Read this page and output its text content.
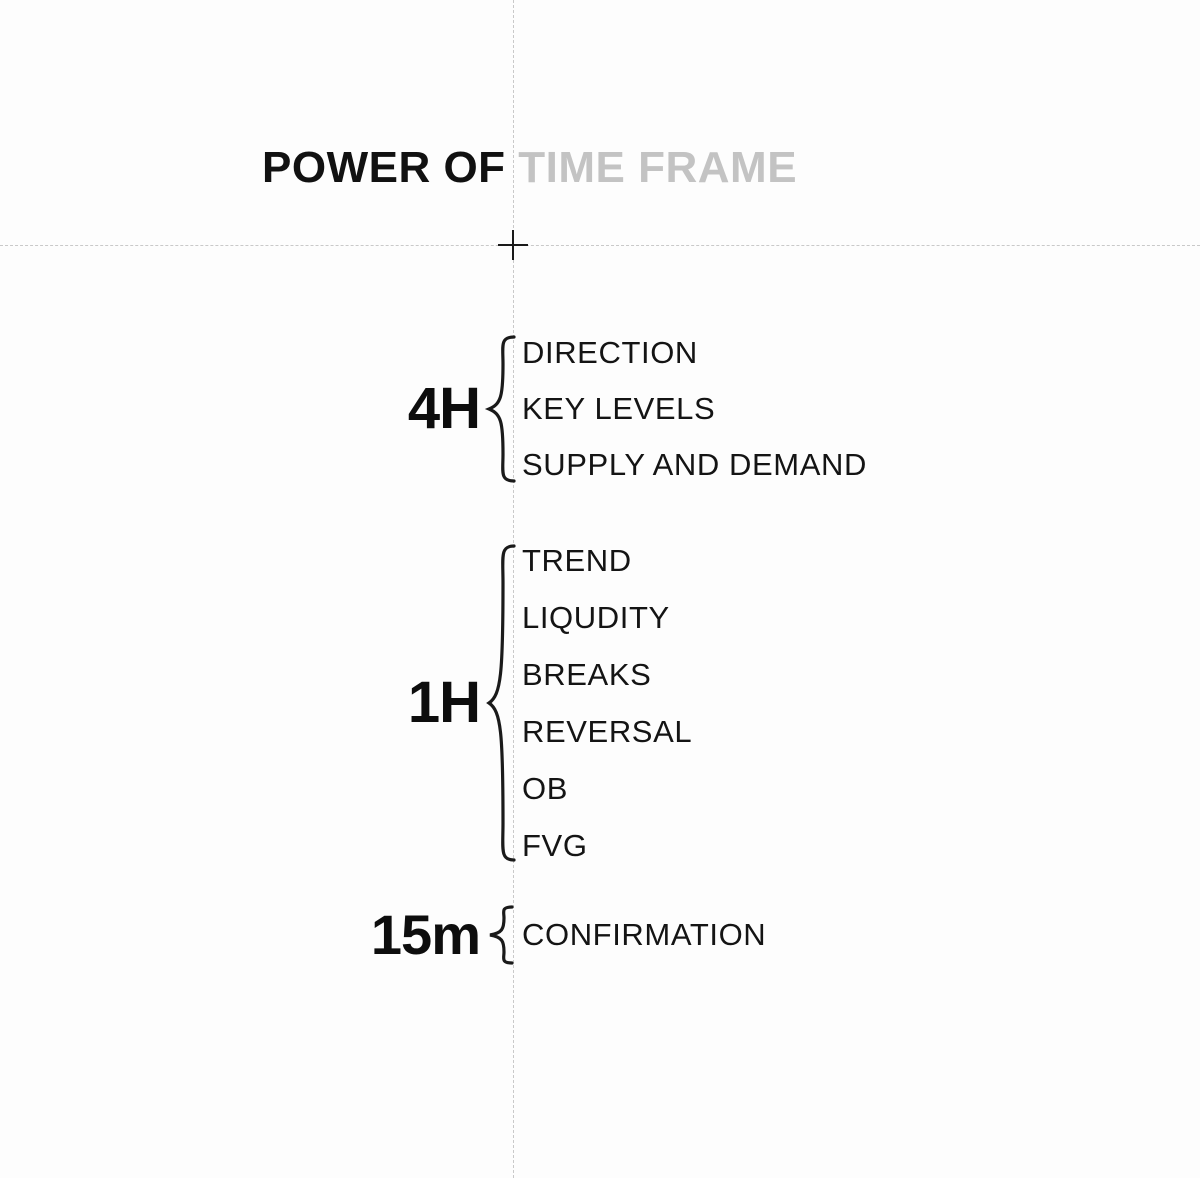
POWER OF TIME FRAME
4H
DIRECTION
KEY LEVELS
SUPPLY AND DEMAND
1H
TREND
LIQUDITY
BREAKS
REVERSAL
OB
FVG
15m CONFIRMATION
